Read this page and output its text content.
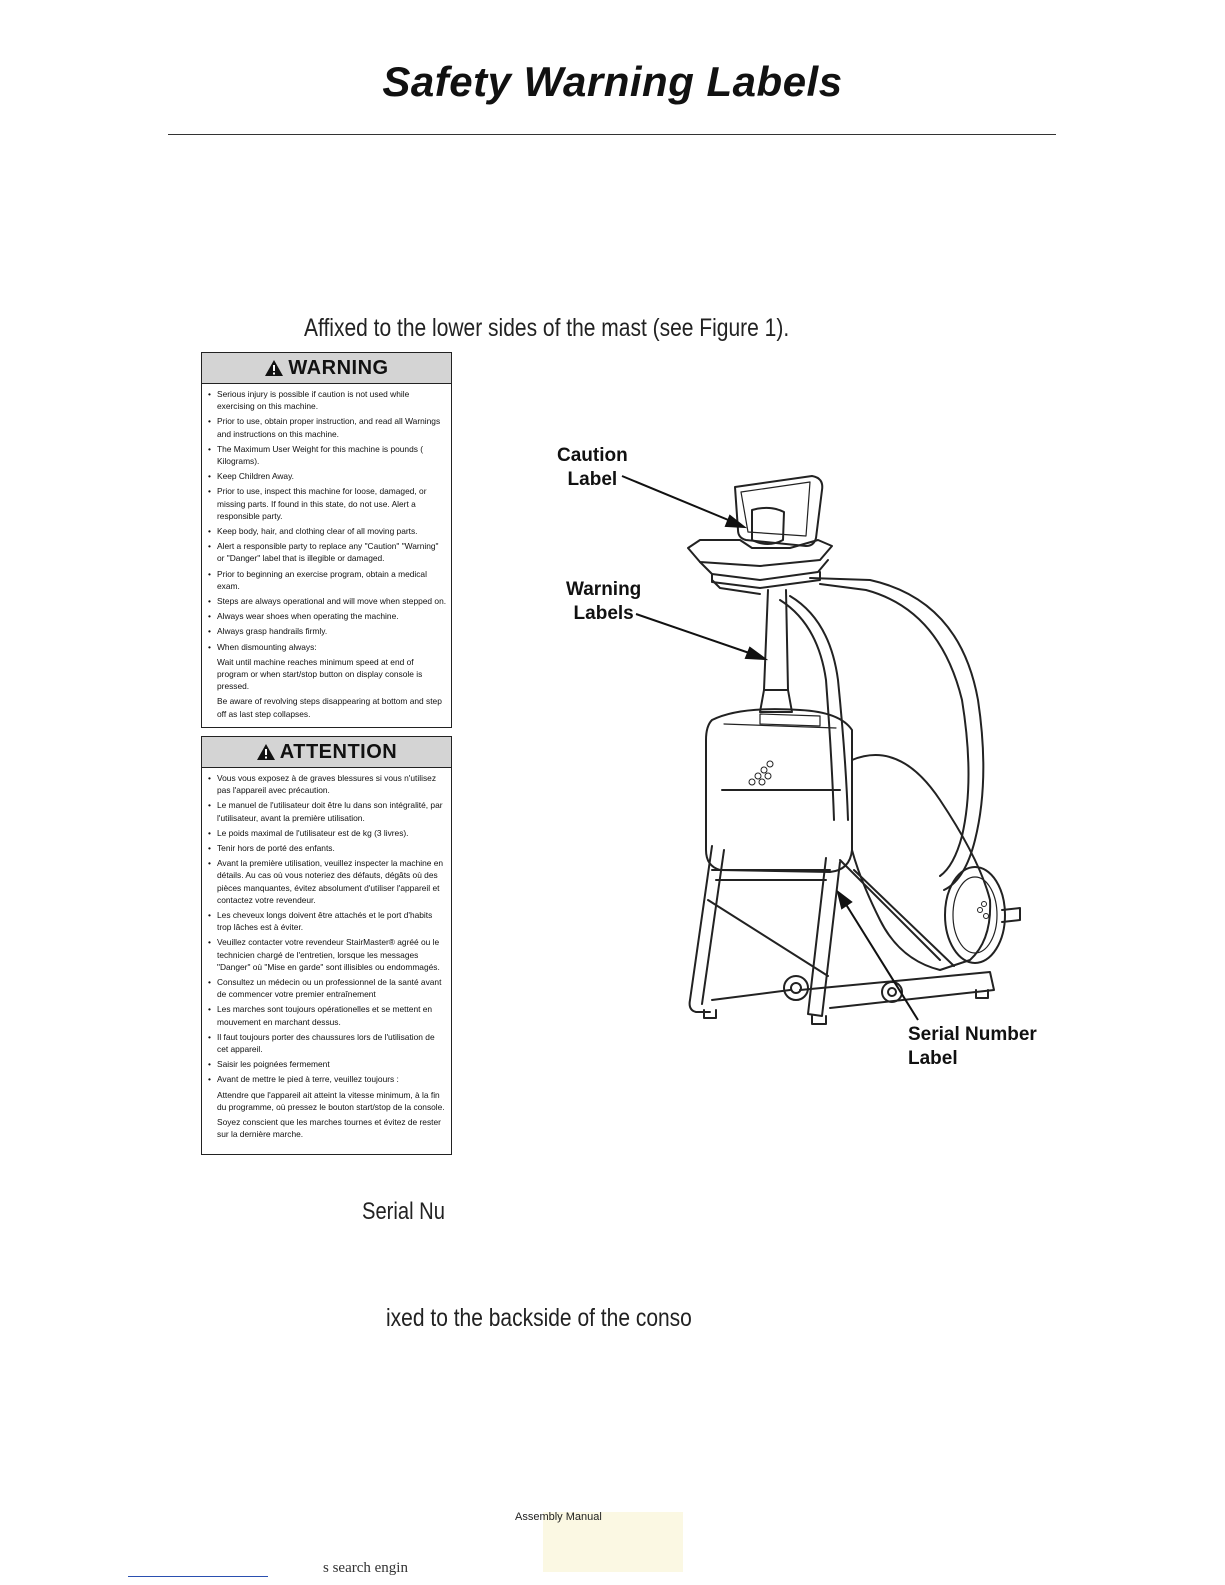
Safety Warning Labels
Affixed to the lower sides of the mast (see Figure 1).
WARNING
• Serious injury is possible if caution is not used while exercising on this machine.
• Prior to use, obtain proper instruction, and read all Warnings and instructions on this machine.
• The Maximum User Weight for this machine is pounds ( Kilograms).
• Keep Children Away.
• Prior to use, inspect this machine for loose, damaged, or missing parts. If found in this state, do not use. Alert a responsible party.
• Keep body, hair, and clothing clear of all moving parts.
• Alert a responsible party to replace any "Caution" "Warning" or "Danger" label that is illegible or damaged.
• Prior to beginning an exercise program, obtain a medical exam.
• Steps are always operational and will move when stepped on.
• Always wear shoes when operating the machine.
• Always grasp handrails firmly.
• When dismounting always:
Wait until machine reaches minimum speed at end of program or when start/stop button on display console is pressed.
Be aware of revolving steps disappearing at bottom and step off as last step collapses.
ATTENTION
• Vous vous exposez à de graves blessures si vous n'utilisez pas l'appareil avec précaution.
• Le manuel de l'utilisateur doit être lu dans son intégralité, par l'utilisateur, avant la première utilisation.
• Le poids maximal de l'utilisateur est de kg (3 livres).
• Tenir hors de porté des enfants.
• Avant la première utilisation, veuillez inspecter la machine en détails. Au cas où vous noteriez des défauts, dégâts où des pièces manquantes, évitez absolument d'utiliser l'appareil et contactez votre revendeur.
• Les cheveux longs doivent être attachés et le port d'habits trop lâches est à éviter.
• Veuillez contacter votre revendeur StairMaster® agréé ou le technicien chargé de l'entretien, lorsque les messages "Danger" où "Mise en garde" sont illisibles ou endommagés.
• Consultez un médecin ou un professionnel de la santé avant de commencer votre premier entraînement
• Les marches sont toujours opérationelles et se mettent en mouvement en marchant dessus.
• Il faut toujours porter des chaussures lors de l'utilisation de cet appareil.
• Saisir les poignées fermement
• Avant de mettre le pied à terre, veuillez toujours :
Attendre que l'appareil ait atteint la vitesse minimum, à la fin du programme, où pressez le bouton start/stop de la console.
Soyez conscient que les marches tournes et évitez de rester sur la dernière marche.
Caution
Label
Warning
Labels
Serial Number
Label
Serial Nu
ixed to the backside of the conso
Assembly Manual
s search engin
